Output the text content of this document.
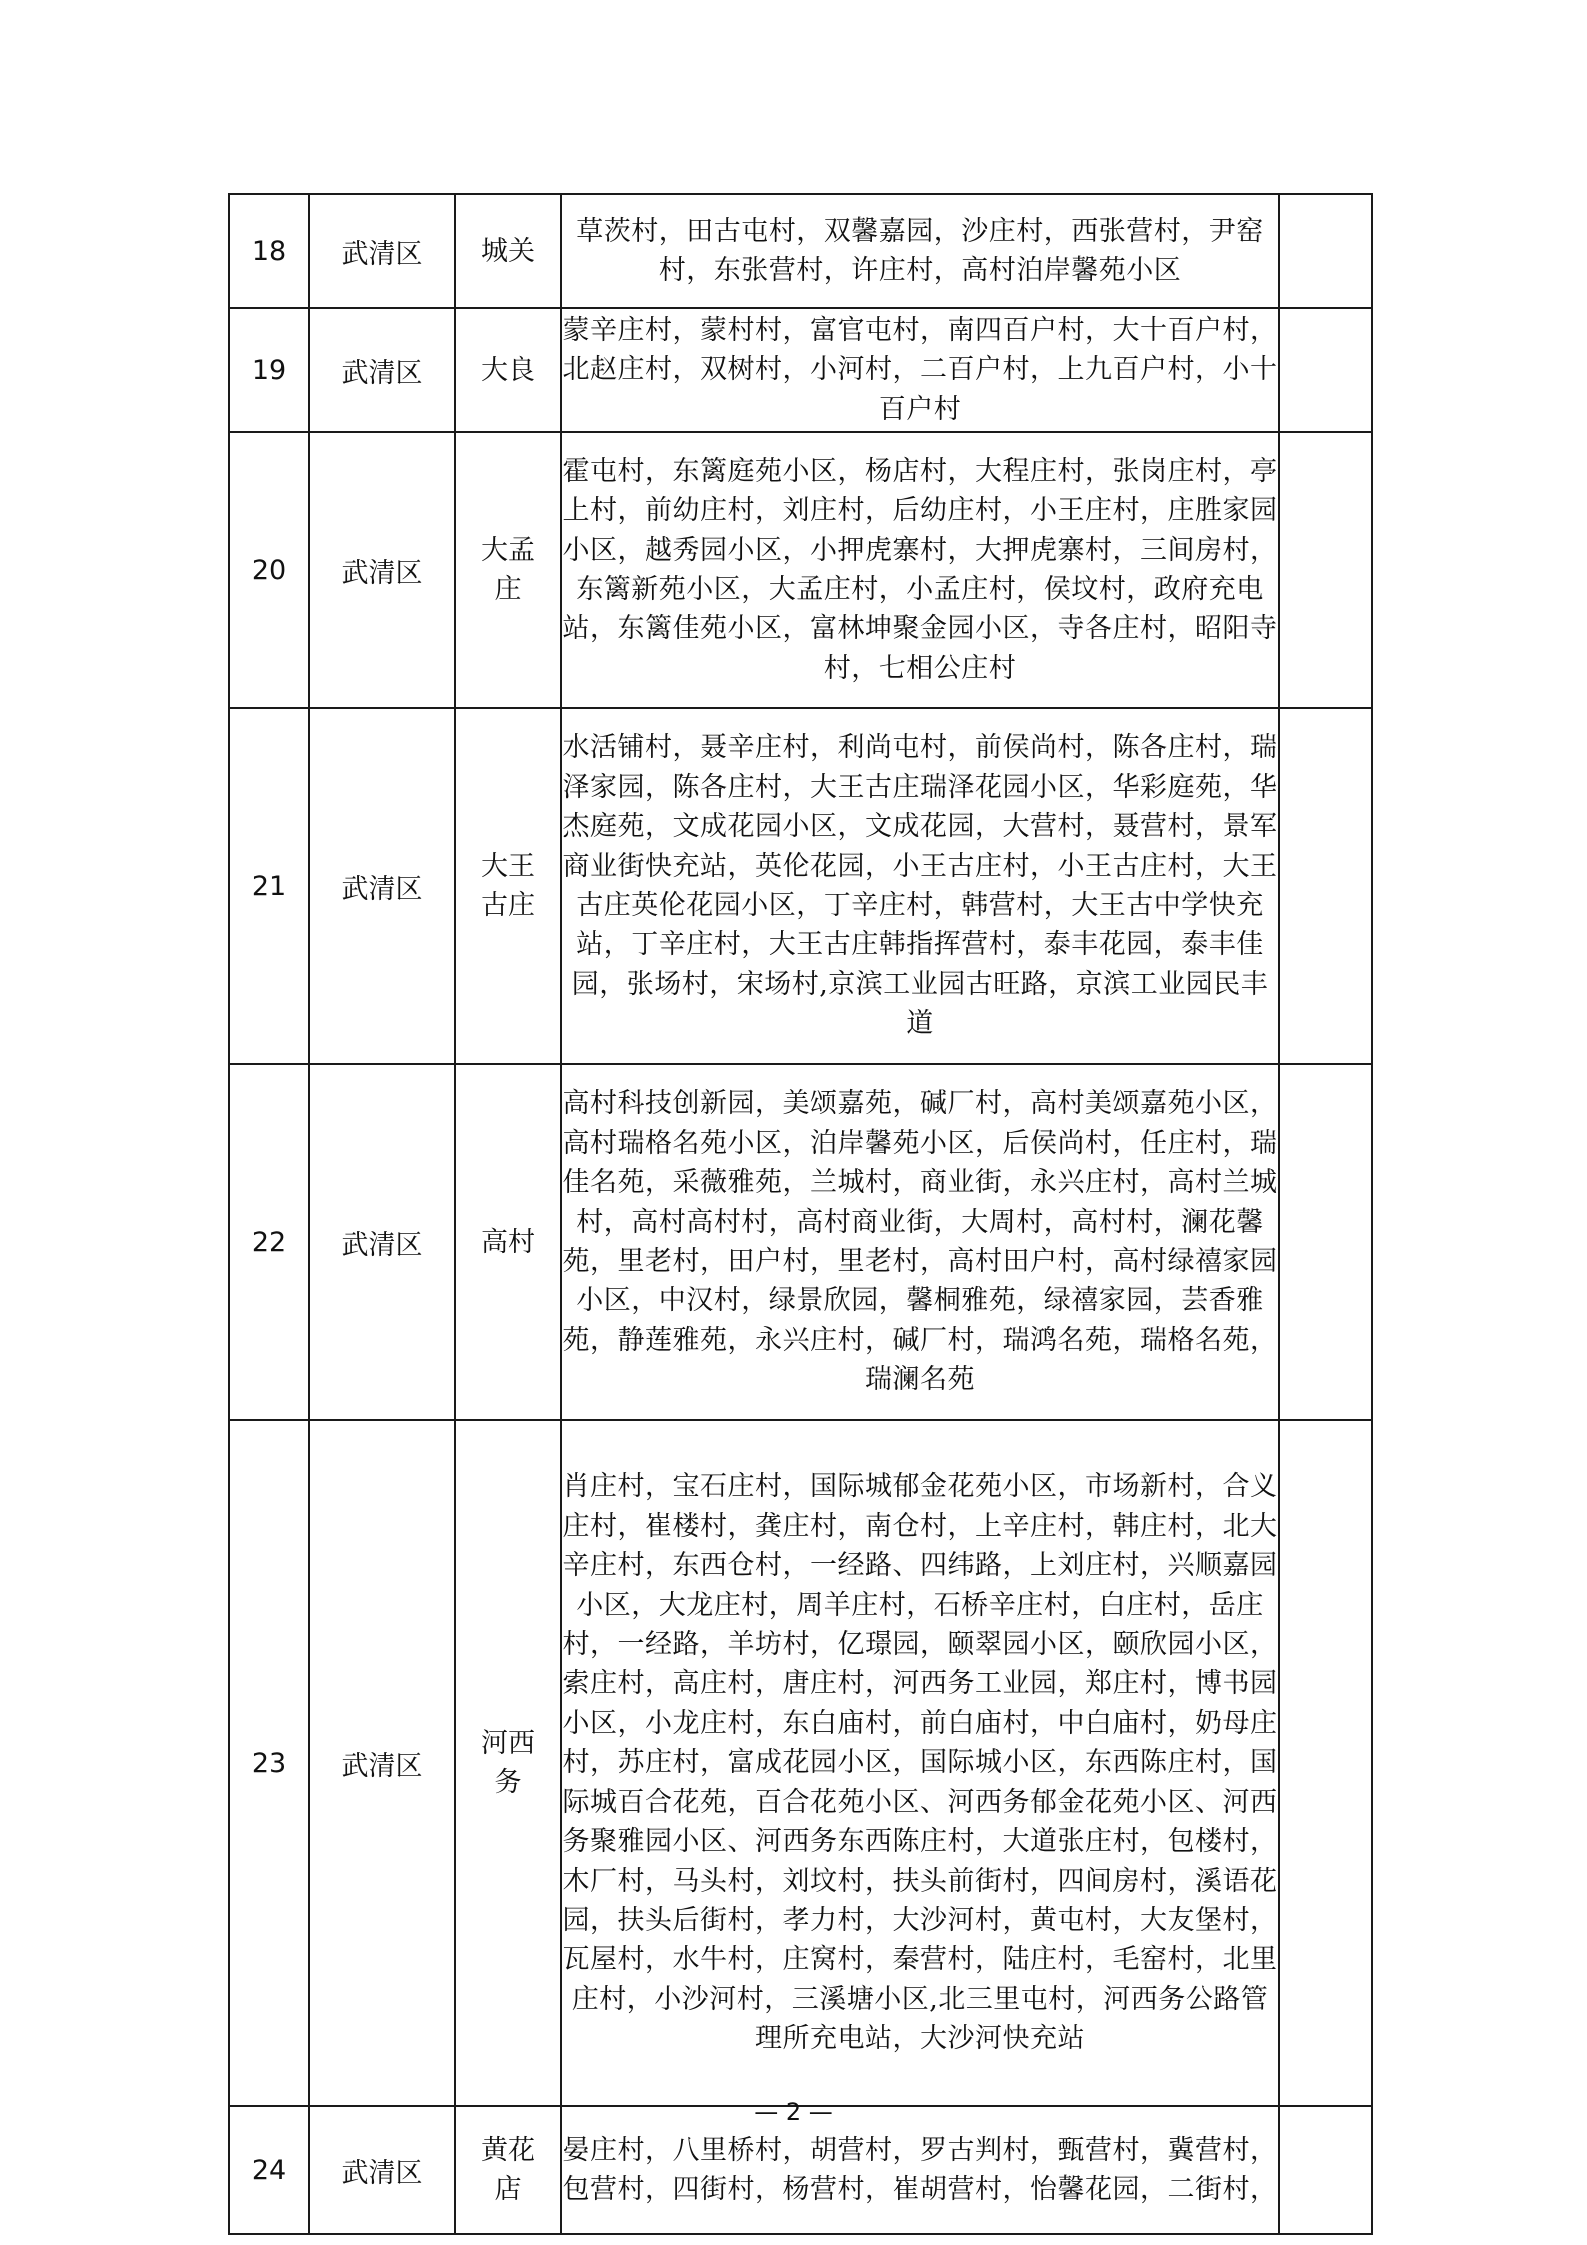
18	武清区	城关	草茨村，田古屯村，双馨嘉园，沙庄村，西张营村，尹窑村，东张营村，许庄村，高村泊岸馨苑小区	
19	武清区	大良	蒙辛庄村，蒙村村，富官屯村，南四百户村，大十百户村，北赵庄村，双树村，小河村，二百户村，上九百户村，小十百户村	
20	武清区	大孟庄	霍屯村，东篱庭苑小区，杨店村，大程庄村，张岗庄村，亭上村，前幼庄村，刘庄村，后幼庄村，小王庄村，庄胜家园小区，越秀园小区，小押虎寨村，大押虎寨村，三间房村，东篱新苑小区，大孟庄村，小孟庄村，侯坟村，政府充电站，东篱佳苑小区，富林坤聚金园小区，寺各庄村，昭阳寺村，七相公庄村	
21	武清区	大王古庄	水活铺村，聂辛庄村，利尚屯村，前侯尚村，陈各庄村，瑞泽家园，陈各庄村，大王古庄瑞泽花园小区，华彩庭苑，华杰庭苑，文成花园小区，文成花园，大营村，聂营村，景军商业街快充站，英伦花园，小王古庄村，小王古庄村，大王古庄英伦花园小区，丁辛庄村，韩营村，大王古中学快充站，丁辛庄村，大王古庄韩指挥营村，泰丰花园，泰丰佳园，张场村，宋场村,京滨工业园古旺路，京滨工业园民丰道	
22	武清区	高村	高村科技创新园，美颂嘉苑，碱厂村，高村美颂嘉苑小区，高村瑞格名苑小区，泊岸馨苑小区，后侯尚村，任庄村，瑞佳名苑，采薇雅苑，兰城村，商业街，永兴庄村，高村兰城村，高村高村村，高村商业街，大周村，高村村，澜花馨苑，里老村，田户村，里老村，高村田户村，高村绿禧家园小区，中汉村，绿景欣园，馨桐雅苑，绿禧家园，芸香雅苑，静莲雅苑，永兴庄村，碱厂村，瑞鸿名苑，瑞格名苑，瑞澜名苑	
23	武清区	河西务	肖庄村，宝石庄村，国际城郁金花苑小区，市场新村，合义庄村，崔楼村，龚庄村，南仓村，上辛庄村，韩庄村，北大辛庄村，东西仓村，一经路、四纬路，上刘庄村，兴顺嘉园小区，大龙庄村，周羊庄村，石桥辛庄村，白庄村，岳庄村，一经路，羊坊村，亿璟园，颐翠园小区，颐欣园小区，索庄村，高庄村，唐庄村，河西务工业园，郑庄村，博书园小区，小龙庄村，东白庙村，前白庙村，中白庙村，奶母庄村，苏庄村，富成花园小区，国际城小区，东西陈庄村，国际城百合花苑，百合花苑小区、河西务郁金花苑小区、河西务聚雅园小区、河西务东西陈庄村，大道张庄村，包楼村，木厂村，马头村，刘坟村，扶头前街村，四间房村，溪语花园，扶头后街村，孝力村，大沙河村，黄屯村，大友堡村，瓦屋村，水牛村，庄窝村，秦营村，陆庄村，毛窑村，北里庄村，小沙河村，三溪塘小区,北三里屯村，河西务公路管理所充电站，大沙河快充站	
24	武清区	黄花店	晏庄村，八里桥村，胡营村，罗古判村，甄营村，冀营村，包营村，四街村，杨营村，崔胡营村，怡馨花园，二街村，	
— 2 —
